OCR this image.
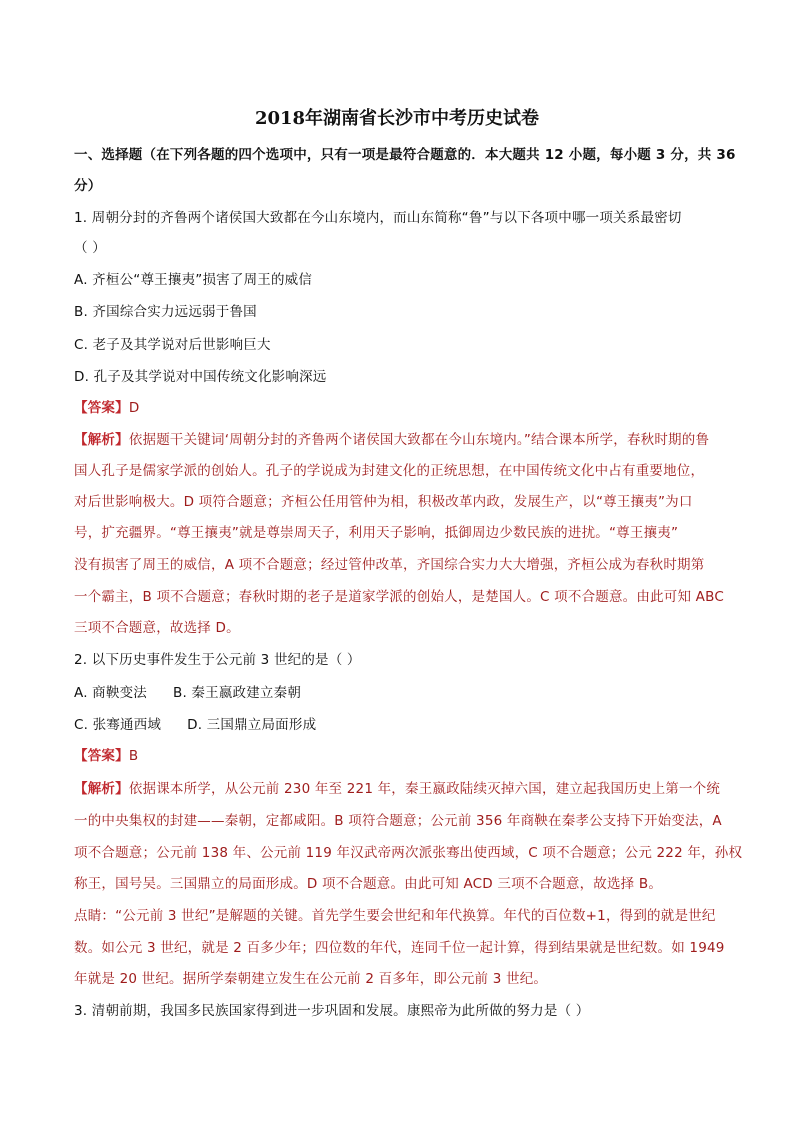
2018年湖南省长沙市中考历史试卷
一、选择题（在下列各题的四个选项中，只有一项是最符合题意的．本大题共 12 小题，每小题 3 分，共 36
分）
1. 周朝分封的齐鲁两个诸侯国大致都在今山东境内，而山东简称“鲁”与以下各项中哪一项关系最密切
（ ）
A. 齐桓公“尊王攘夷”损害了周王的威信
B. 齐国综合实力远远弱于鲁国
C. 老子及其学说对后世影响巨大
D. 孔子及其学说对中国传统文化影响深远
【答案】D
【解析】依据题干关键词‘周朝分封的齐鲁两个诸侯国大致都在今山东境内。”结合课本所学，春秋时期的鲁
国人孔子是儒家学派的创始人。孔子的学说成为封建文化的正统思想，在中国传统文化中占有重要地位，
对后世影响极大。D 项符合题意；齐桓公任用管仲为相，积极改革内政，发展生产，以“尊王攘夷”为口
号，扩充疆界。“尊王攘夷”就是尊崇周天子，利用天子影响，抵御周边少数民族的进扰。“尊王攘夷”
没有损害了周王的威信，A 项不合题意；经过管仲改革，齐国综合实力大大增强，齐桓公成为春秋时期第
一个霸主，B 项不合题意；春秋时期的老子是道家学派的创始人，是楚国人。C 项不合题意。由此可知 ABC
三项不合题意，故选择 D。
2. 以下历史事件发生于公元前 3 世纪的是（ ）
A. 商鞅变法 B. 秦王嬴政建立秦朝
C. 张骞通西域 D. 三国鼎立局面形成
【答案】B
【解析】依据课本所学，从公元前 230 年至 221 年，秦王嬴政陆续灭掉六国，建立起我国历史上第一个统
一的中央集权的封建——秦朝，定都咸阳。B 项符合题意；公元前 356 年商鞅在秦孝公支持下开始变法，A
项不合题意；公元前 138 年、公元前 119 年汉武帝两次派张骞出使西域，C 项不合题意；公元 222 年，孙权
称王，国号吴。三国鼎立的局面形成。D 项不合题意。由此可知 ACD 三项不合题意，故选择 B。
点睛：“公元前 3 世纪”是解题的关键。首先学生要会世纪和年代换算。年代的百位数+1，得到的就是世纪
数。如公元 3 世纪，就是 2 百多少年；四位数的年代，连同千位一起计算，得到结果就是世纪数。如 1949
年就是 20 世纪。据所学秦朝建立发生在公元前 2 百多年，即公元前 3 世纪。
3. 清朝前期，我国多民族国家得到进一步巩固和发展。康熙帝为此所做的努力是（ ）
